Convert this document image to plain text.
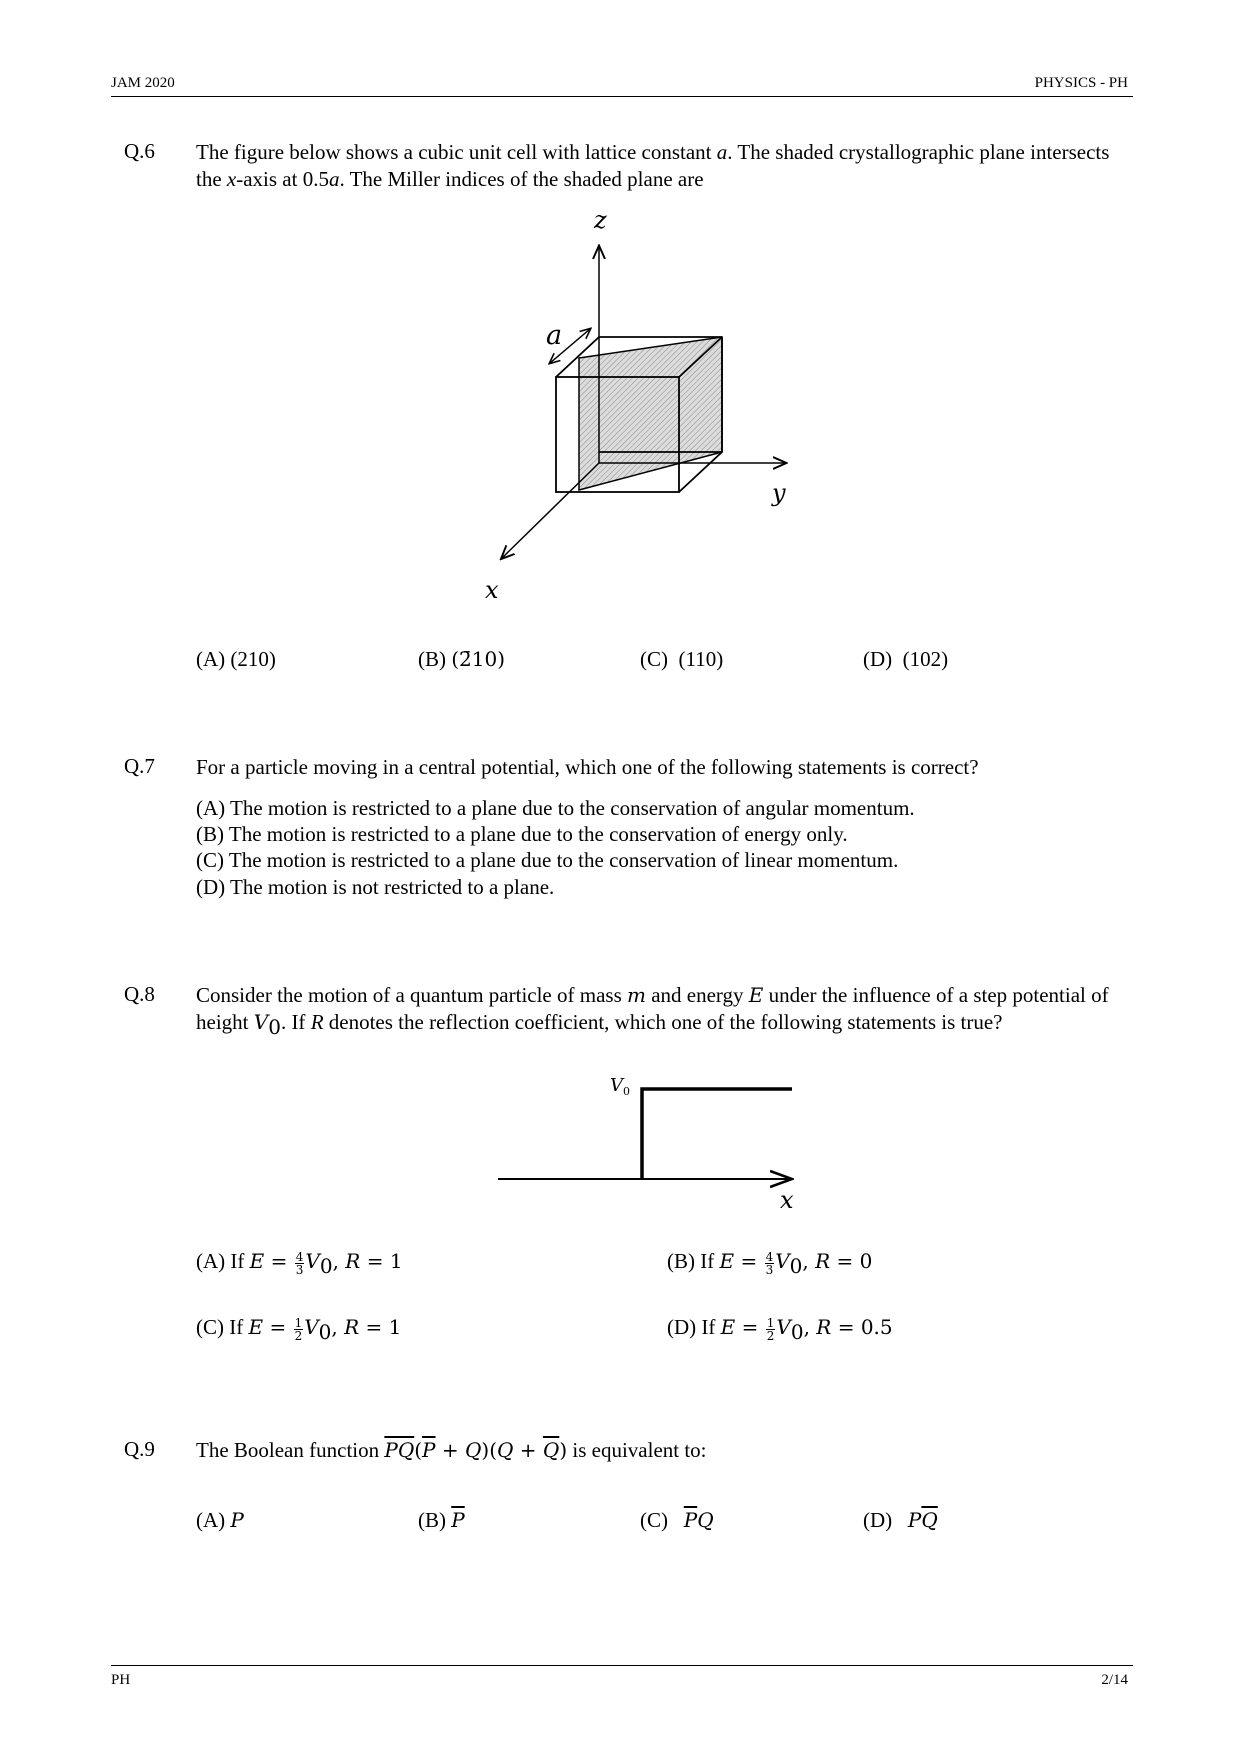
JAM 2020	PHYSICS - PH
Q.6 The figure below shows a cubic unit cell with lattice constant a. The shaded crystallographic plane intersects the x-axis at 0.5a. The Miller indices of the shaded plane are
z
y
x
a
(A) (210)	(B) (2̄10)	(C) (110)	(D) (102)
Q.7 For a particle moving in a central potential, which one of the following statements is correct?
(A) The motion is restricted to a plane due to the conservation of angular momentum.
(B) The motion is restricted to a plane due to the conservation of energy only.
(C) The motion is restricted to a plane due to the conservation of linear momentum.
(D) The motion is not restricted to a plane.
Q.8 Consider the motion of a quantum particle of mass m and energy E under the influence of a step potential of height $V_0$. If R denotes the reflection coefficient, which one of the following statements is true?
$V_0$
x
(A) If $E = \frac{4}{3} V_0$, R = 1	(B) If $E = \frac{4}{3} V_0$, R = 0
(C) If $E = \frac{1}{2} V_0$, R = 1	(D) If $E = \frac{1}{2} V_0$, R = 0.5
Q.9 The Boolean function $\overline{PQ}(\overline{P} + Q)(Q + \overline{Q})$ is equivalent to:
(A) P	(B) $\overline{P}$	(C)   $\overline{P}Q$	(D)   $P\overline{Q}$
PH	2/14
